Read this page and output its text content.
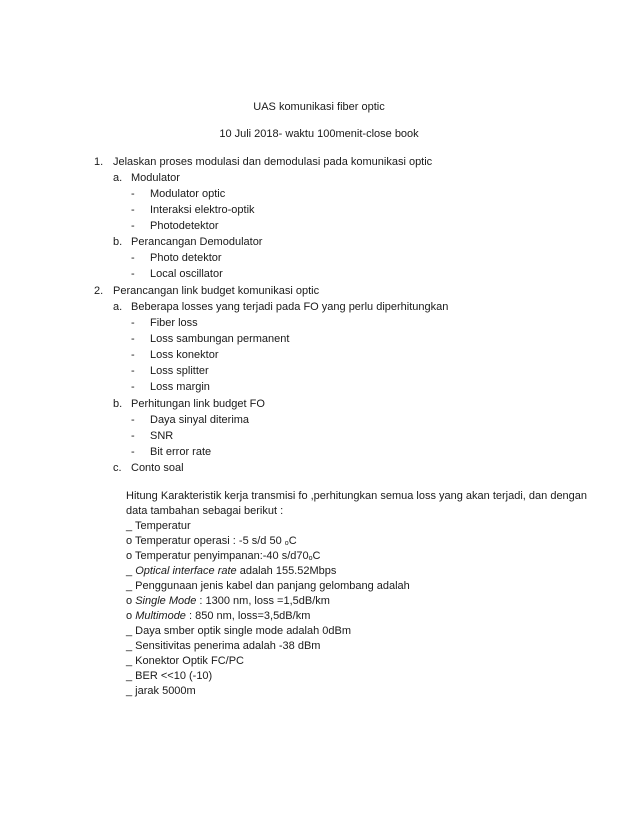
UAS komunikasi fiber optic
10 Juli 2018- waktu 100menit-close book
1. Jelaskan proses modulasi dan demodulasi pada komunikasi optic
a. Modulator
- Modulator optic
- Interaksi elektro-optik
- Photodetektor
b. Perancangan Demodulator
- Photo detektor
- Local oscillator
2. Perancangan link budget komunikasi optic
a. Beberapa losses yang terjadi pada FO yang perlu diperhitungkan
- Fiber loss
- Loss sambungan permanent
- Loss konektor
- Loss splitter
- Loss margin
b. Perhitungan link budget FO
- Daya sinyal diterima
- SNR
- Bit error rate
c. Conto soal
Hitung Karakteristik kerja transmisi fo ,perhitungkan semua loss yang akan terjadi, dan dengan
data tambahan sebagai berikut :
_ Temperatur
o Temperatur operasi : -5 s/d 50 $_o$C
o Temperatur penyimpanan:-40 $s/d70_oC$
_ Optical interface rate adalah 155.52Mbps
_ Penggunaan jenis kabel dan panjang gelombang adalah
o Single Mode : 1300 nm, loss =1,5dB/km
o Multimode : 850 nm, loss=3,5dB/km
_ Daya smber optik single mode adalah 0dBm
_ Sensitivitas penerima adalah -38 dBm
_ Konektor Optik FC/PC
_ BER <<10 (-10)
_ jarak 5000m
